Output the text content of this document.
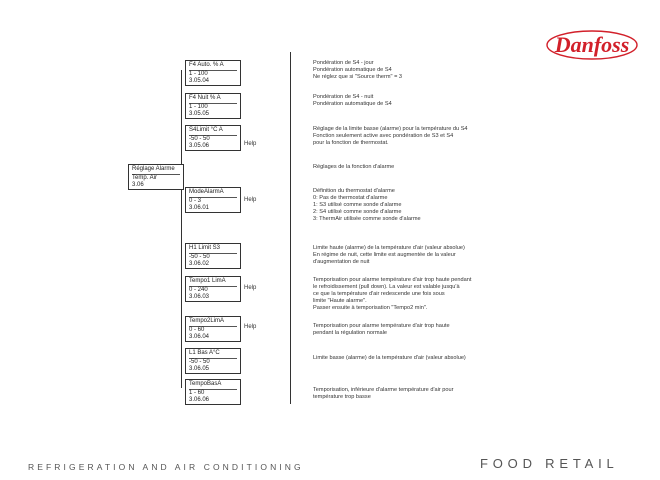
Danfoss
F4 Auto. % A
1 - 100
3.05.04
F4 Nuit % A
1 - 100
3.05.05
S4Limit °C A
-50 - 50
3.05.06
Réglage Alarme
Temp. Air
3.06
ModeAlarmA
0 - 3
3.06.01
H1 Limit S3
-50 - 50
3.06.02
Tempo1 LimA
0 - 240
3.06.03
Tempo2LimA
0 - 60
3.06.04
L1 Bas A°C
-50 - 50
3.06.05
TempoBasA
1 - 60
3.06.06
Help
Help
Help
Help
Pondération de S4 - jour
Pondération automatique de S4
Ne réglez que si "Source therm" = 3
Pondération de S4 - nuit
Pondération automatique de S4
Réglage de la limite basse (alarme) pour la température du S4
Fonction seulement active avec pondération de S3 et S4
pour la fonction de thermostat.
Réglages de la fonction d'alarme
Définition du thermostat d'alarme
0: Pas de thermostat d'alarme
1: S3 utilisé comme sonde d'alarme
2: S4 utilisé comme sonde d'alarme
3: ThermAir utilisée comme sonde d'alarme
Limite haute (alarme) de la température d'air (valeur absolue)
En régime de nuit, cette limite est augmentée de la valeur
d'augmentation de nuit
Temporisation pour alarme température d'air trop haute pendant
le refroidissement (pull down). La valeur est valable jusqu'à
ce que la température d'air redescende une fois sous
limite "Haute alarme".
Passer ensuite à temporisation "Tempo2 min".
Temporisation pour alarme température d'air trop haute
pendant la régulation normale
Limite basse (alarme) de la température d'air (valeur absolue)
Temporisation, inférieure d'alarme température d'air pour
température trop basse
REFRIGERATION AND AIR CONDITIONING	FOOD RETAIL
